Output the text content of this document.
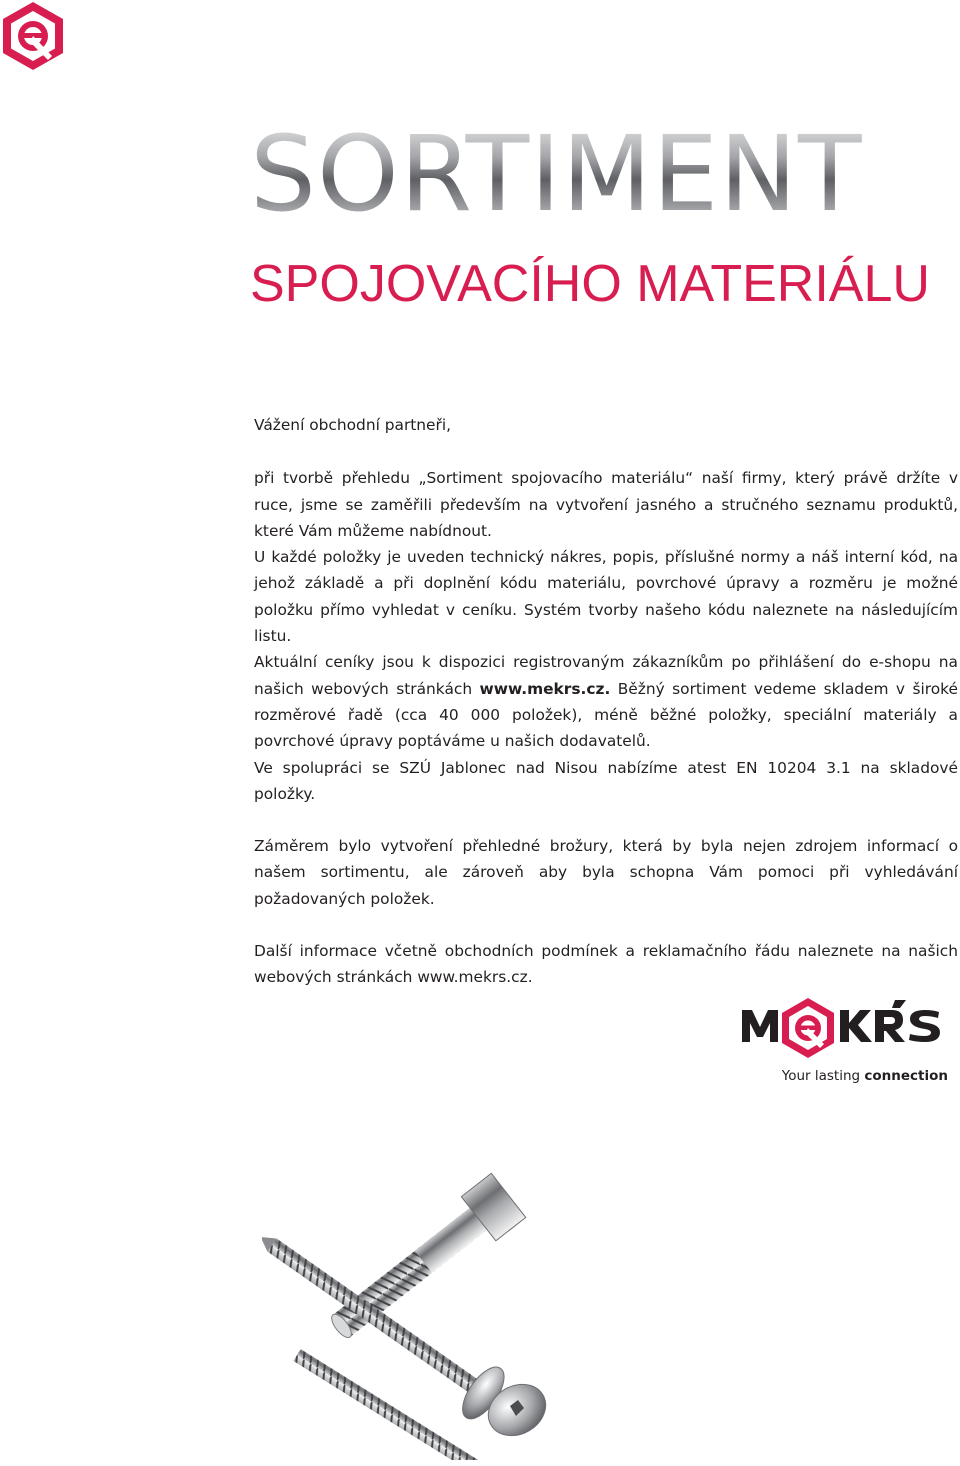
SORTIMENT
SPOJOVACÍHO MATERIÁLU

Vážení obchodní partneři,

při tvorbě přehledu „Sortiment spojovacího materiálu“ naší firmy, který právě držíte v ruce, jsme se zaměřili především na vytvoření jasného a stručného seznamu produktů, které Vám můžeme nabídnout.
U každé položky je uveden technický nákres, popis, příslušné normy a náš interní kód, na jehož základě a při doplnění kódu materiálu, povrchové úpravy a rozměru je možné položku přímo vyhledat v ceníku. Systém tvorby našeho kódu naleznete na následujícím listu.
Aktuální ceníky jsou k dispozici registrovaným zákazníkům po přihlášení do e-shopu na našich webových stránkách www.mekrs.cz. Běžný sortiment vedeme skladem v široké rozměrové řadě (cca 40 000 položek), méně běžné položky, speciální materiály a povrchové úpravy poptáváme u našich dodavatelů.
Ve spolupráci se SZÚ Jablonec nad Nisou nabízíme atest EN 10204 3.1 na skladové položky.

Záměrem bylo vytvoření přehledné brožury, která by byla nejen zdrojem informací o našem sortimentu, ale zároveň aby byla schopna Vám pomoci při vyhledávání požadovaných položek.

Další informace včetně obchodních podmínek a reklamačního řádu naleznete na našich webových stránkách www.mekrs.cz.

Your lasting connection
